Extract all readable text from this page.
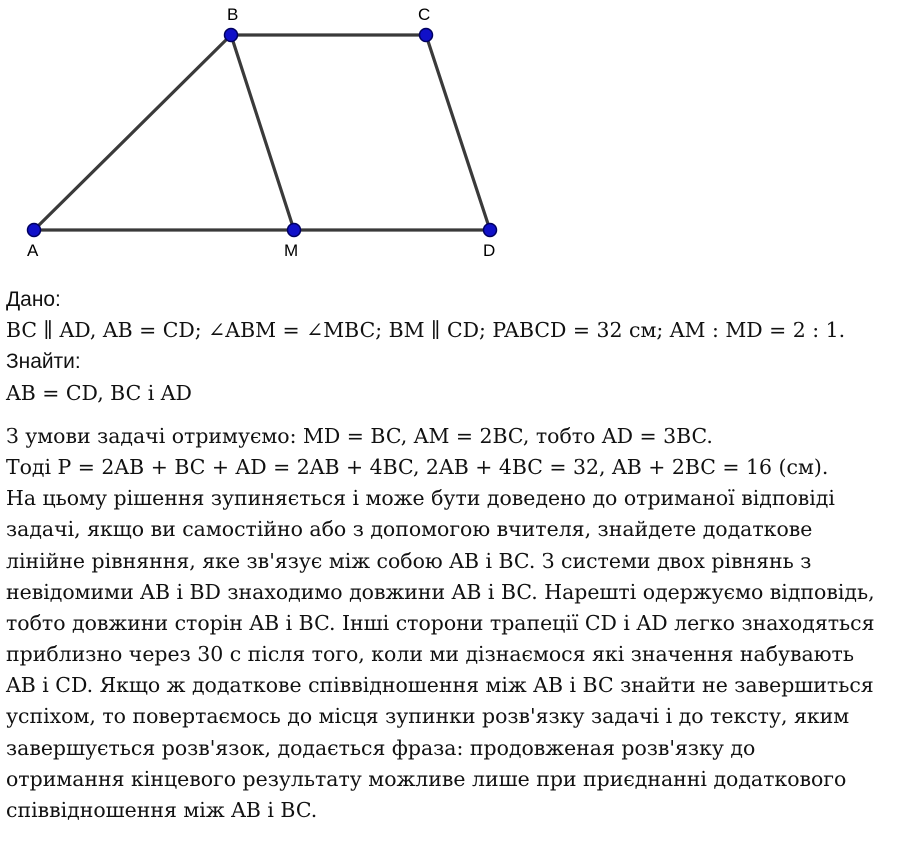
B	C
A	M	D
Дано:
BC ∥ AD, AB = CD; ∠ABM = ∠MBC; BM ∥ CD; PABCD = 32 см; AM : MD = 2 : 1.
Знайти:
AB = CD, BC і AD
З умови задачі отримуємо: MD = BC, AM = 2BC, тобто AD = 3BC.
Тоді P = 2AB + BC + AD = 2AB + 4BC, 2AB + 4BC = 32, AB + 2BC = 16 (см).
На цьому рішення зупиняється і може бути доведено до отриманої відповіді
задачі, якщо ви самостійно або з допомогою вчителя, знайдете додаткове
лінійне рівняння, яке зв'язує між собою AB і BC. З системи двох рівнянь з
невідомими AB і BD знаходимо довжини AB і BC. Нарешті одержуємо відповідь,
тобто довжини сторін AB і BC. Інші сторони трапеції CD і AD легко знаходяться
приблизно через 30 с після того, коли ми дізнаємося які значення набувають
AB і CD. Якщо ж додаткове співвідношення між AB і BC знайти не завершиться
успіхом, то повертаємось до місця зупинки розв'язку задачі і до тексту, яким
завершується розв'язок, додається фраза: продовженая розв'язку до
отримання кінцевого результату можливе лише при приєднанні додаткового
співвідношення між AB і BC.
